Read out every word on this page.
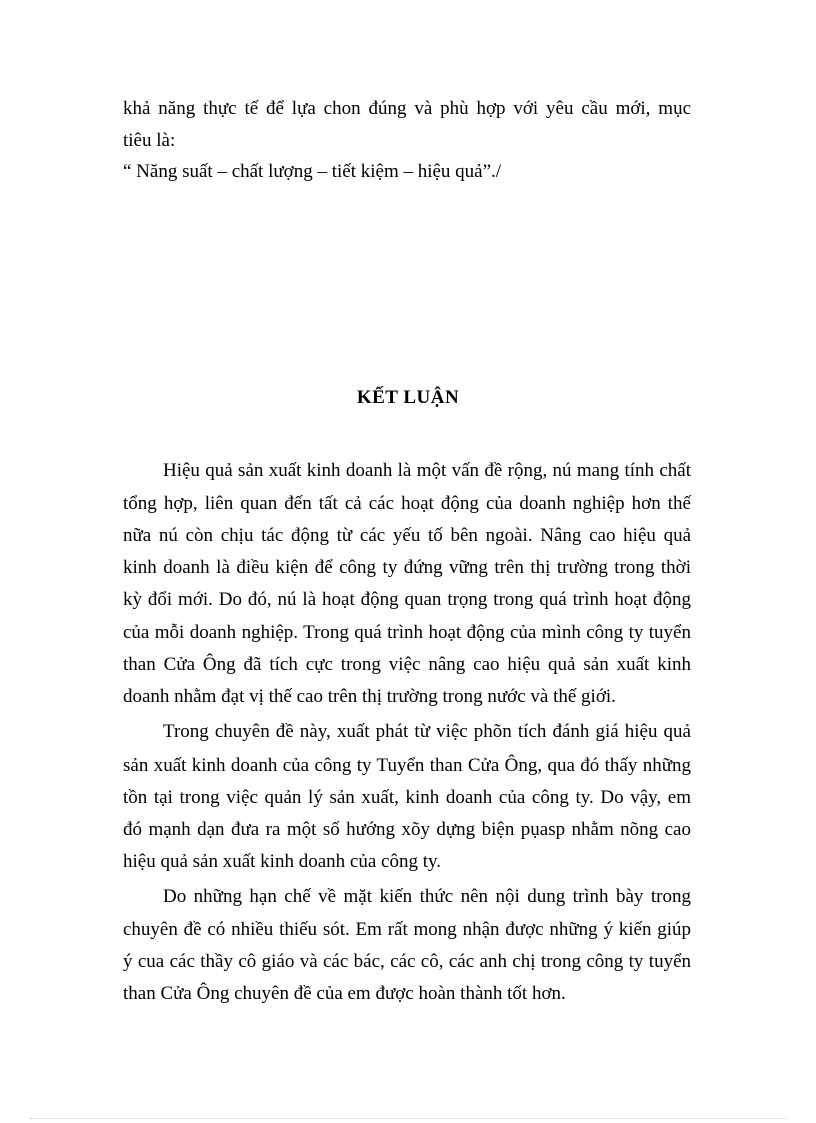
khả năng thực tế để lựa chon đúng và phù hợp với yêu cầu mới, mục

tiêu là:

“ Năng suất – chất lượng – tiết kiệm – hiệu quả”./

KẾT LUẬN

Hiệu quả sản xuất kinh doanh là một vấn đề rộng, nú mang tính chất

tổng hợp, liên quan đến tất cả các hoạt động của doanh nghiệp hơn thế

nữa nú còn chịu tác động từ các yếu tố bên ngoài. Nâng cao hiệu quả

kinh doanh là điều kiện để công ty đứng vững trên thị trường trong thời

kỳ đổi mới. Do đó, nú là hoạt động quan trọng trong quá trình hoạt động

của mỗi doanh nghiệp. Trong quá trình hoạt động của mình công ty tuyển

than Cửa Ông đã tích cực trong việc nâng cao hiệu quả sản xuất kinh

doanh nhằm đạt vị thế cao trên thị trường trong nước và thế giới.

Trong chuyên đề này, xuất phát từ việc phõn tích đánh giá hiệu quả

sản xuất kinh doanh của công ty Tuyển than Cửa Ông, qua đó thấy những

tồn tại trong việc quản lý sản xuất, kinh doanh của công ty. Do vậy, em

đó mạnh dạn đưa ra một số hướng xõy dựng biện pụasp nhằm nõng cao

hiệu quả sản xuất kinh doanh của công ty.

Do những hạn chế về mặt kiến thức nên nội dung trình bày trong

chuyên đề có nhiều thiếu sót. Em rất mong nhận được những ý kiến giúp

ý cua các thầy cô giáo và các bác, các cô, các anh chị trong công ty tuyển

than Cửa Ông chuyên đề của em được hoàn thành tốt hơn.
